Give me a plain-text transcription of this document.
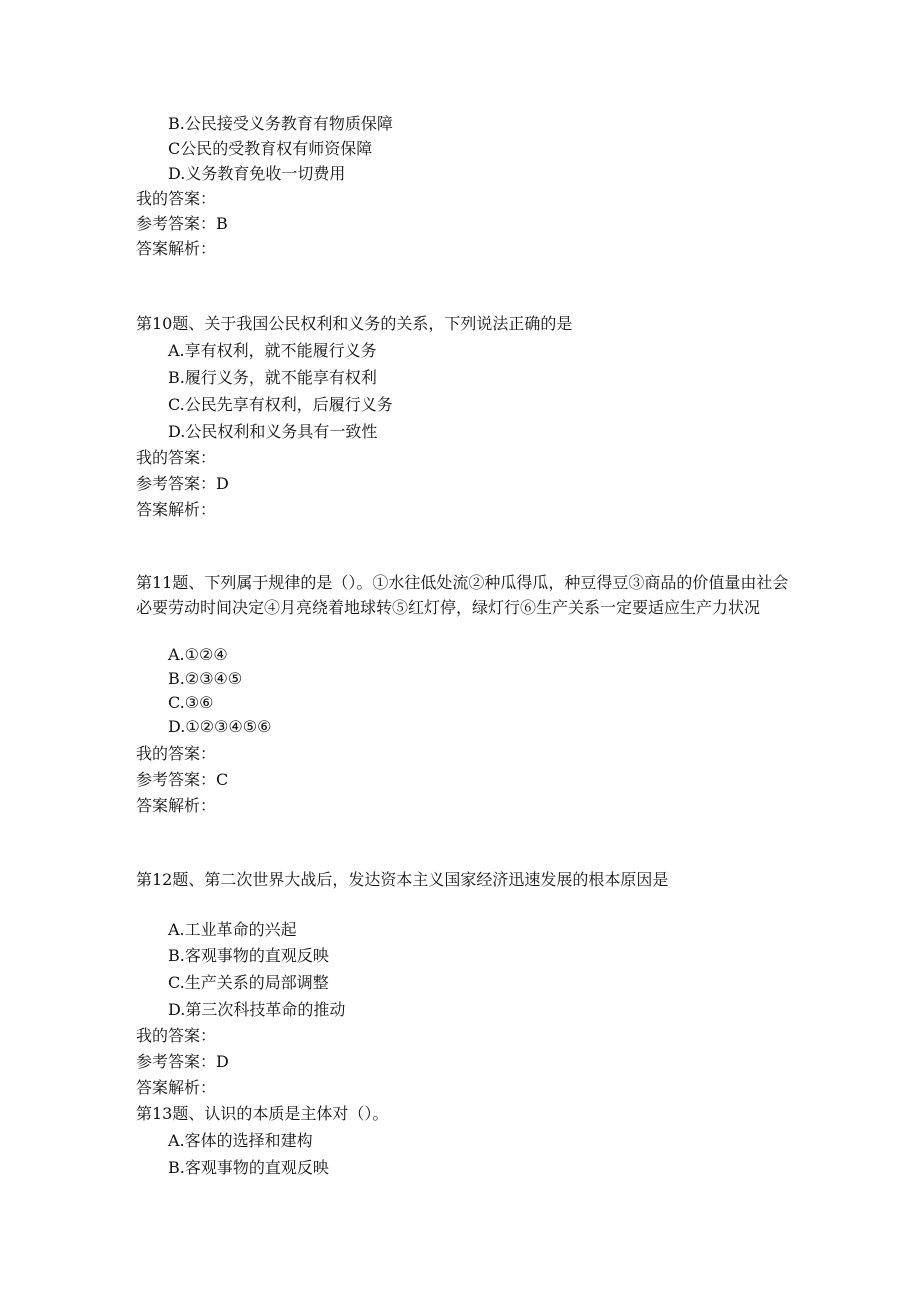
B.公民接受义务教育有物质保障
C公民的受教育权有师资保障
D.义务教育免收一切费用
我的答案：
参考答案：B
答案解析：
第10题、关于我国公民权利和义务的关系，下列说法正确的是
A.享有权利，就不能履行义务
B.履行义务，就不能享有权利
C.公民先享有权利，后履行义务
D.公民权利和义务具有一致性
我的答案：
参考答案：D
答案解析：
第11题、下列属于规律的是（）。①水往低处流②种瓜得瓜，种豆得豆③商品的价值量由社会必要劳动时间决定④月亮绕着地球转⑤红灯停，绿灯行⑥生产关系一定要适应生产力状况
A.①②④
B.②③④⑤
C.③⑥
D.①②③④⑤⑥
我的答案：
参考答案：C
答案解析：
第12题、第二次世界大战后，发达资本主义国家经济迅速发展的根本原因是
A.工业革命的兴起
B.客观事物的直观反映
C.生产关系的局部调整
D.第三次科技革命的推动
我的答案：
参考答案：D
答案解析：
第13题、认识的本质是主体对（）。
A.客体的选择和建构
B.客观事物的直观反映
